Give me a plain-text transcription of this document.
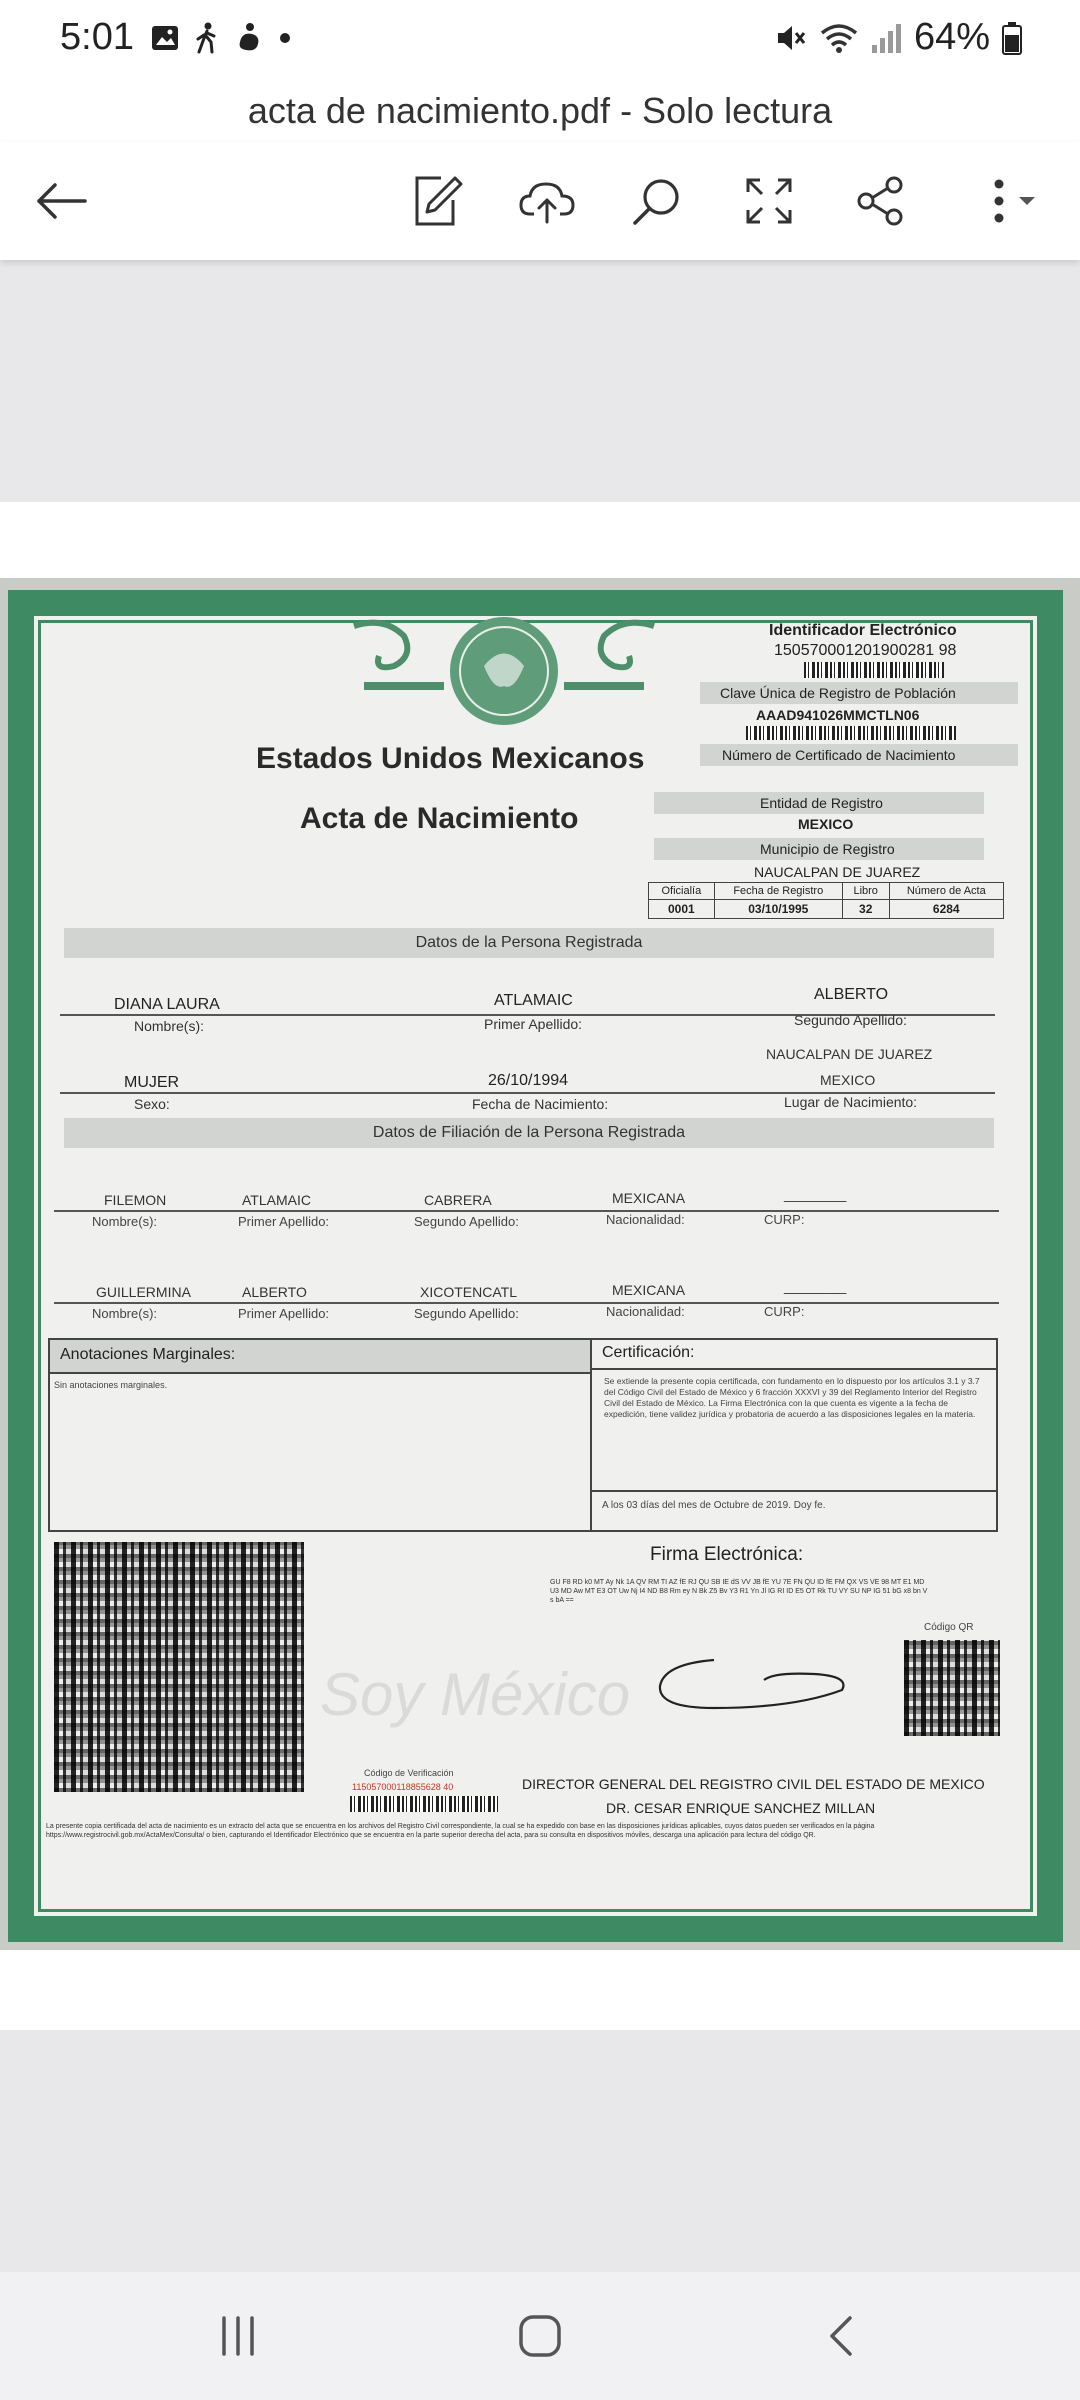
5:01	64%
acta de nacimiento.pdf - Solo lectura
Identificador Electrónico
150570001201900281 98
Clave Única de Registro de Población
AAAD941026MMCTLN06
Número de Certificado de Nacimiento
Estados Unidos Mexicanos
Acta de Nacimiento	Entidad de Registro
MEXICO
Municipio de Registro
NAUCALPAN DE JUAREZ
Oficialía	Fecha de Registro	Libro	Número de Acta
0001	03/10/1995	32	6284
Datos de la Persona Registrada
DIANA LAURA	ATLAMAIC	ALBERTO
Nombre(s):	Primer Apellido:	Segundo Apellido:
NAUCALPAN DE JUAREZ
MUJER	26/10/1994	MEXICO
Sexo:	Fecha de Nacimiento:	Lugar de Nacimiento:
Datos de Filiación de la Persona Registrada
FILEMON	ATLAMAIC	CABRERA	MEXICANA	________
Nombre(s):	Primer Apellido:	Segundo Apellido:	Nacionalidad:	CURP:
GUILLERMINA	ALBERTO	XICOTENCATL	MEXICANA	________
Nombre(s):	Primer Apellido:	Segundo Apellido:	Nacionalidad:	CURP:
Anotaciones Marginales:
Sin anotaciones marginales.
Certificación:
Se extiende la presente copia certificada, con fundamento en lo dispuesto por los artículos 3.1 y 3.7 del Código Civil del Estado de México y 6 fracción XXXVI y 39 del Reglamento Interior del Registro Civil del Estado de México. La Firma Electrónica con la que cuenta es vigente a la fecha de expedición, tiene validez jurídica y probatoria de acuerdo a las disposiciones legales en la materia.
A los 03 días del mes de Octubre de 2019. Doy fe.
Soy México
Firma Electrónica:
GU F8 RD k0 MT Ay Nk 1A QV RM TI AZ fE RJ QU SB IE dS VV JB fE YU 7E FN QU ID fE FM QX VS VE 98 MT E1 MD U3 MD Aw MT E3 OT Uw Nj I4 ND B8 Rm ey N Bk Z5 Bv Y3 R1 Yn Jl IG RI ID E5 OT Rk TU VY SU NP IG 51 bG x8 bn Vs bA ==
Código QR
Código de Verificación
115057000118855628 40	DIRECTOR GENERAL DEL REGISTRO CIVIL DEL ESTADO DE MEXICO
DR. CESAR ENRIQUE SANCHEZ MILLAN
La presente copia certificada del acta de nacimiento es un extracto del acta que se encuentra en los archivos del Registro Civil correspondiente, la cual se ha expedido con base en las disposiciones jurídicas aplicables, cuyos datos pueden ser verificados en la página https://www.registrocivil.gob.mx/ActaMex/Consulta/ o bien, capturando el Identificador Electrónico que se encuentra en la parte superior derecha del acta, para su consulta en dispositivos móviles, descarga una aplicación para lectura del código QR.
